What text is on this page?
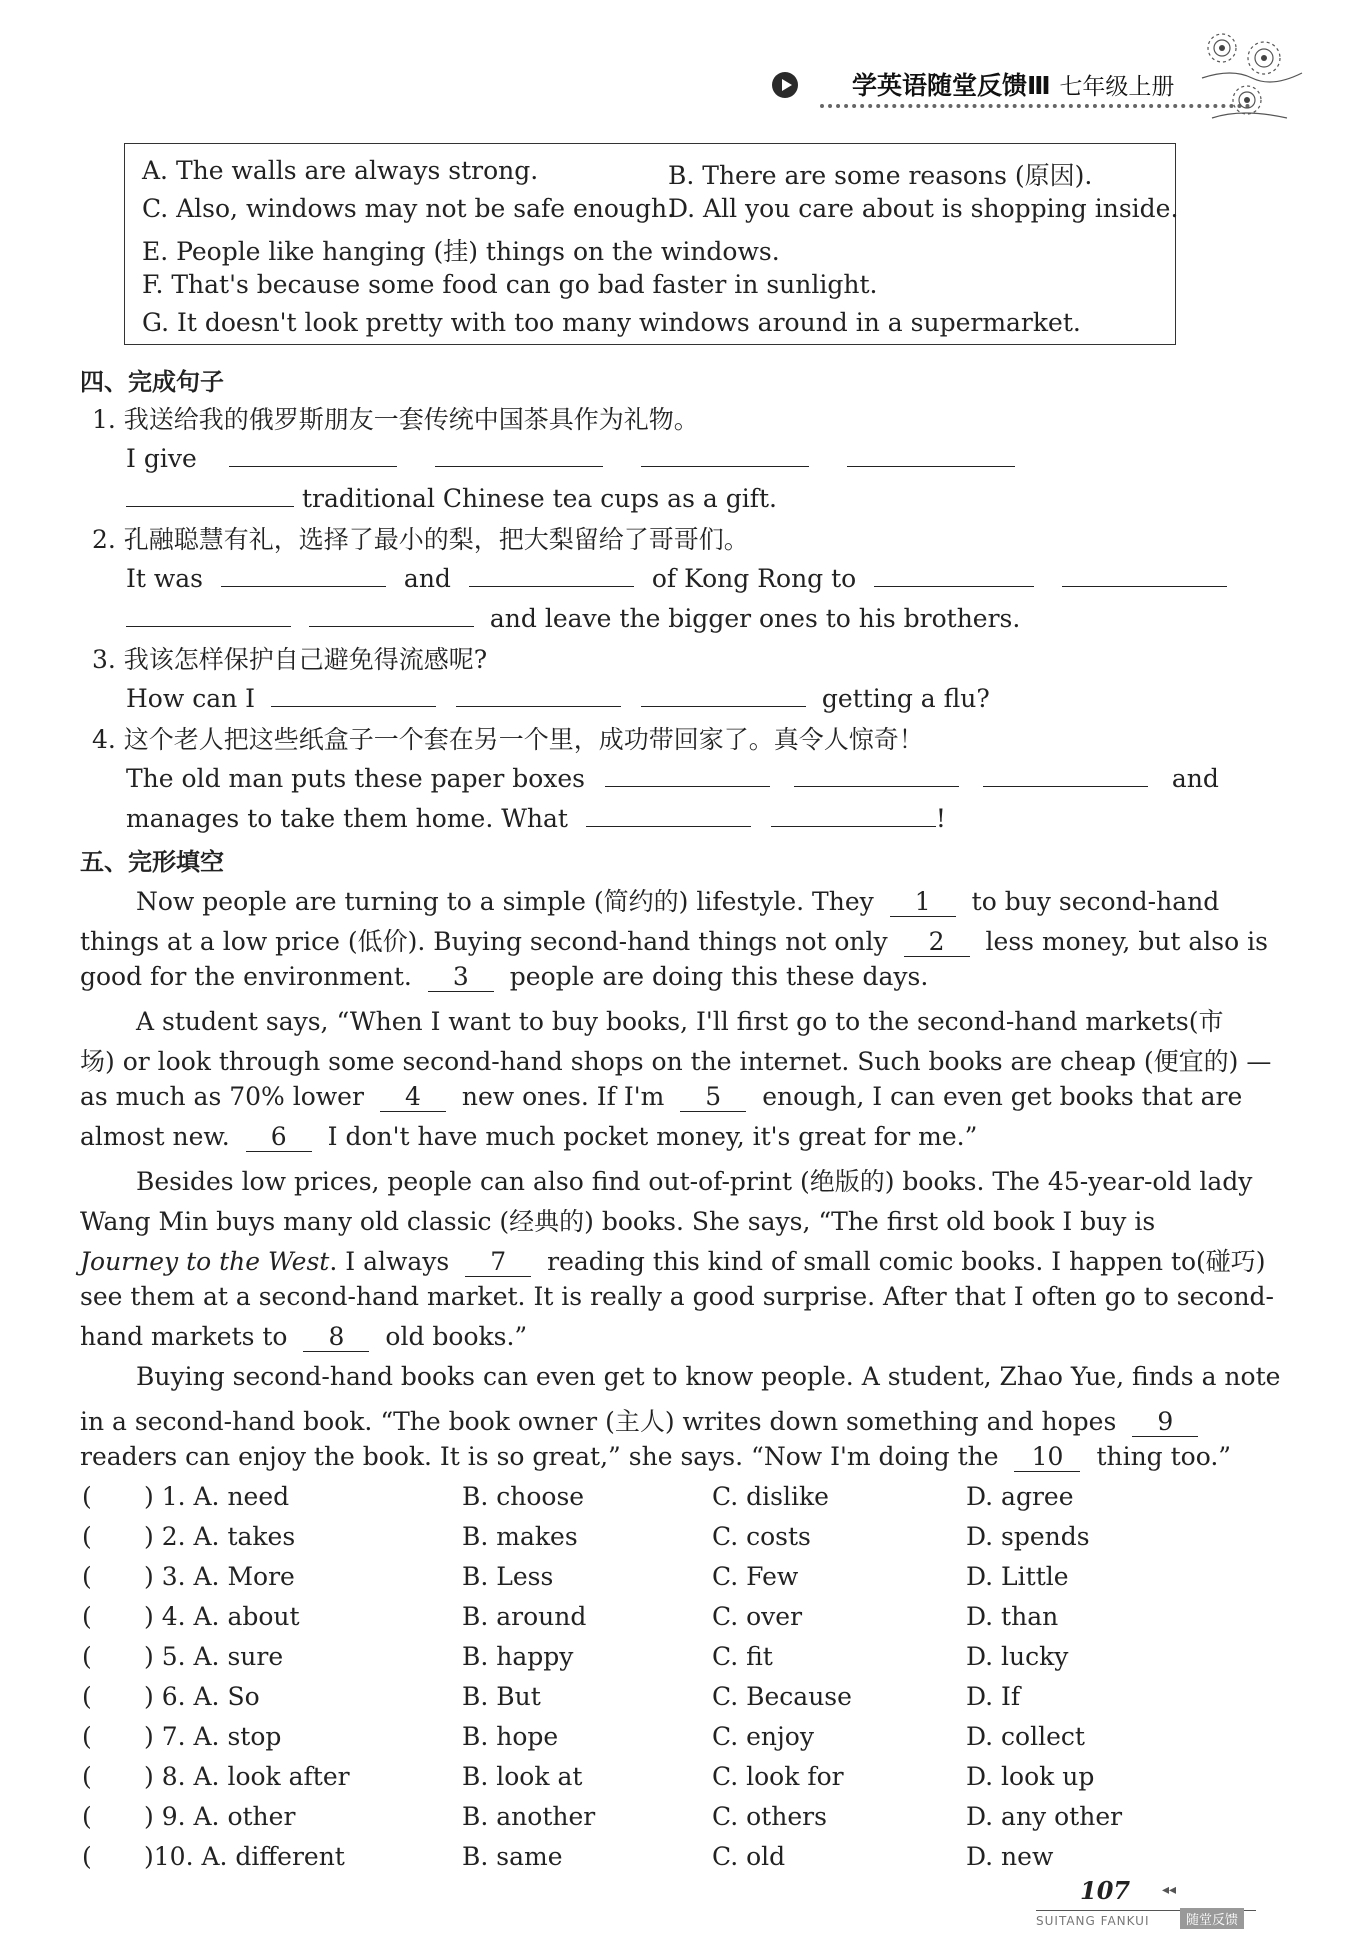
学英语随堂反馈Ⅲ 七年级上册
A. The walls are always strong.	B. There are some reasons (原因).
C. Also, windows may not be safe enough.
D. All you care about is shopping inside.
E. People like hanging (挂) things on the windows.
F. That's because some food can go bad faster in sunlight.
G. It doesn't look pretty with too many windows around in a supermarket.
四、完成句子
1. 我送给我的俄罗斯朋友一套传统中国茶具作为礼物。
I give
traditional Chinese tea cups as a gift.
2. 孔融聪慧有礼，选择了最小的梨，把大梨留给了哥哥们。
It was	and	of Kong Rong to
and leave the bigger ones to his brothers.
3. 我该怎样保护自己避免得流感呢?
How can I	getting a flu?
4. 这个老人把这些纸盒子一个套在另一个里，成功带回家了。真令人惊奇！
The old man puts these paper boxes	and
manages to take them home. What	!
五、完形填空
Now people are turning to a simple (简约的) lifestyle. They 1 to buy second-hand
things at a low price (低价). Buying second-hand things not only 2 less money, but also is
good for the environment. 3 people are doing this these days.
A student says, “When I want to buy books, I'll first go to the second-hand markets(市
场) or look through some second-hand shops on the internet. Such books are cheap (便宜的) —
as much as 70% lower 4 new ones. If I'm 5 enough, I can even get books that are
almost new. 6 I don't have much pocket money, it's great for me.”
Besides low prices, people can also find out-of-print (绝版的) books. The 45-year-old lady
Wang Min buys many old classic (经典的) books. She says, “The first old book I buy is
Journey to the West. I always 7 reading this kind of small comic books. I happen to(碰巧)
see them at a second-hand market. It is really a good surprise. After that I often go to second-
hand markets to 8 old books.”
Buying second-hand books can even get to know people. A student, Zhao Yue, finds a note
in a second-hand book. “The book owner (主人) writes down something and hopes 9
readers can enjoy the book. It is so great,” she says. “Now I'm doing the 10 thing too.”
( ) 1. A. need	B. choose	C. dislike	D. agree
( ) 2. A. takes	B. makes	C. costs	D. spends
( ) 3. A. More	B. Less	C. Few	D. Little
( ) 4. A. about	B. around	C. over	D. than
( ) 5. A. sure	B. happy	C. fit	D. lucky
( ) 6. A. So	B. But	C. Because	D. If
( ) 7. A. stop	B. hope	C. enjoy	D. collect
( ) 8. A. look after	B. look at	C. look for	D. look up
( ) 9. A. other	B. another	C. others	D. any other
( )10. A. different	B. same	C. old	D. new
107 ◂◂
SUITANG FANKUI	随堂反馈
